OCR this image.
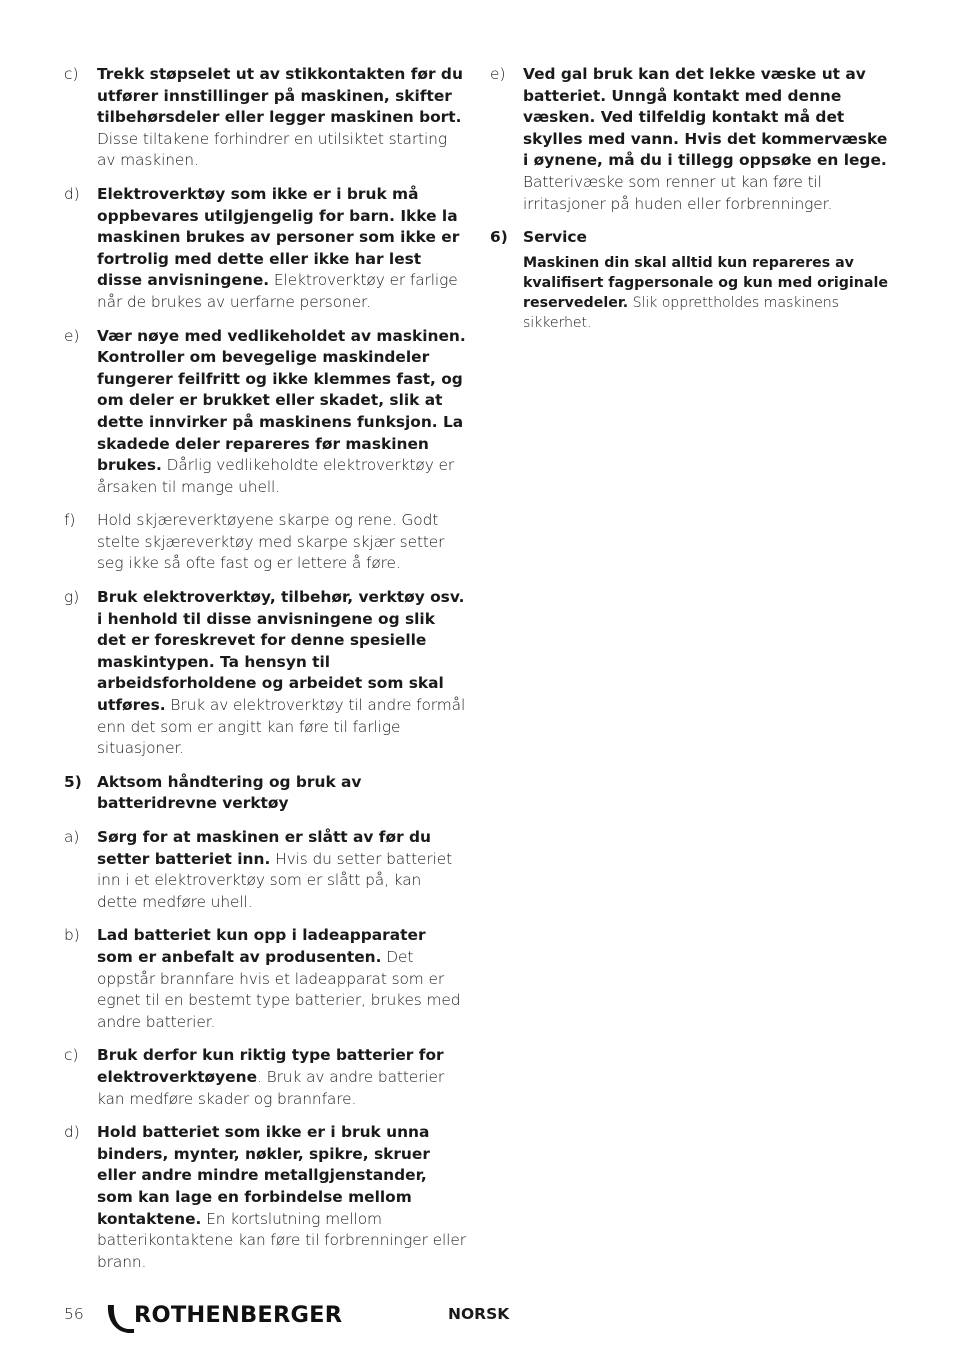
c)	Trekk støpselet ut av stikkontakten før du utfører innstillinger på maskinen, skifter tilbehørsdeler eller legger maskinen bort.
Disse tiltakene forhindrer en utilsiktet starting av maskinen.
d)	Elektroverktøy som ikke er i bruk må oppbevares utilgjengelig for barn. Ikke la maskinen brukes av personer som ikke er fortrolig med dette eller ikke har lest disse anvisningene. Elektroverktøy er farlige når de brukes av uerfarne personer.
e)	Vær nøye med vedlikeholdet av maskinen. Kontroller om bevegelige maskindeler fungerer feilfritt og ikke klemmes fast, og om deler er brukket eller skadet, slik at dette innvirker på maskinens funksjon. La skadede deler repareres før maskinen brukes. Dårlig vedlikeholdte elektroverktøy er årsaken til mange uhell.
f)	Hold skjæreverktøyene skarpe og rene. Godt stelte skjæreverktøy med skarpe skjær setter seg ikke så ofte fast og er lettere å føre.
g)	Bruk elektroverktøy, tilbehør, verktøy osv. i henhold til disse anvisningene og slik det er foreskrevet for denne spesielle maskintypen. Ta hensyn til arbeidsforholdene og arbeidet som skal utføres. Bruk av elektroverktøy til andre formål enn det som er angitt kan føre til farlige situasjoner.
5) Aktsom håndtering og bruk av batteridrevne verktøy
a)	Sørg for at maskinen er slått av før du setter batteriet inn. Hvis du setter batteriet inn i et elektroverktøy som er slått på, kan dette medføre uhell.
b)	Lad batteriet kun opp i ladeapparater som er anbefalt av produsenten. Det oppstår brannfare hvis et ladeapparat som er egnet til en bestemt type batterier, brukes med andre batterier.
c)	Bruk derfor kun riktig type batterier for elektroverktøyene. Bruk av andre batterier kan medføre skader og brannfare.
d)	Hold batteriet som ikke er i bruk unna binders, mynter, nøkler, spikre, skruer eller andre mindre metallgjenstander, som kan lage en forbindelse mellom kontaktene. En kortslutning mellom batterikontaktene kan føre til forbrenninger eller brann.
e)	Ved gal bruk kan det lekke væske ut av batteriet. Unngå kontakt med denne væsken. Ved tilfeldig kontakt må det skylles med vann. Hvis det kommervæske i øynene, må du i tillegg oppsøke en lege.
Batterivæske som renner ut kan føre til irritasjoner på huden eller forbrenninger.
6) Service
Maskinen din skal alltid kun repareres av kvalifisert fagpersonale og kun med originale reservedeler. Slik opprettholdes maskinens sikkerhet.
56 ROTHENBERGER	NORSK
